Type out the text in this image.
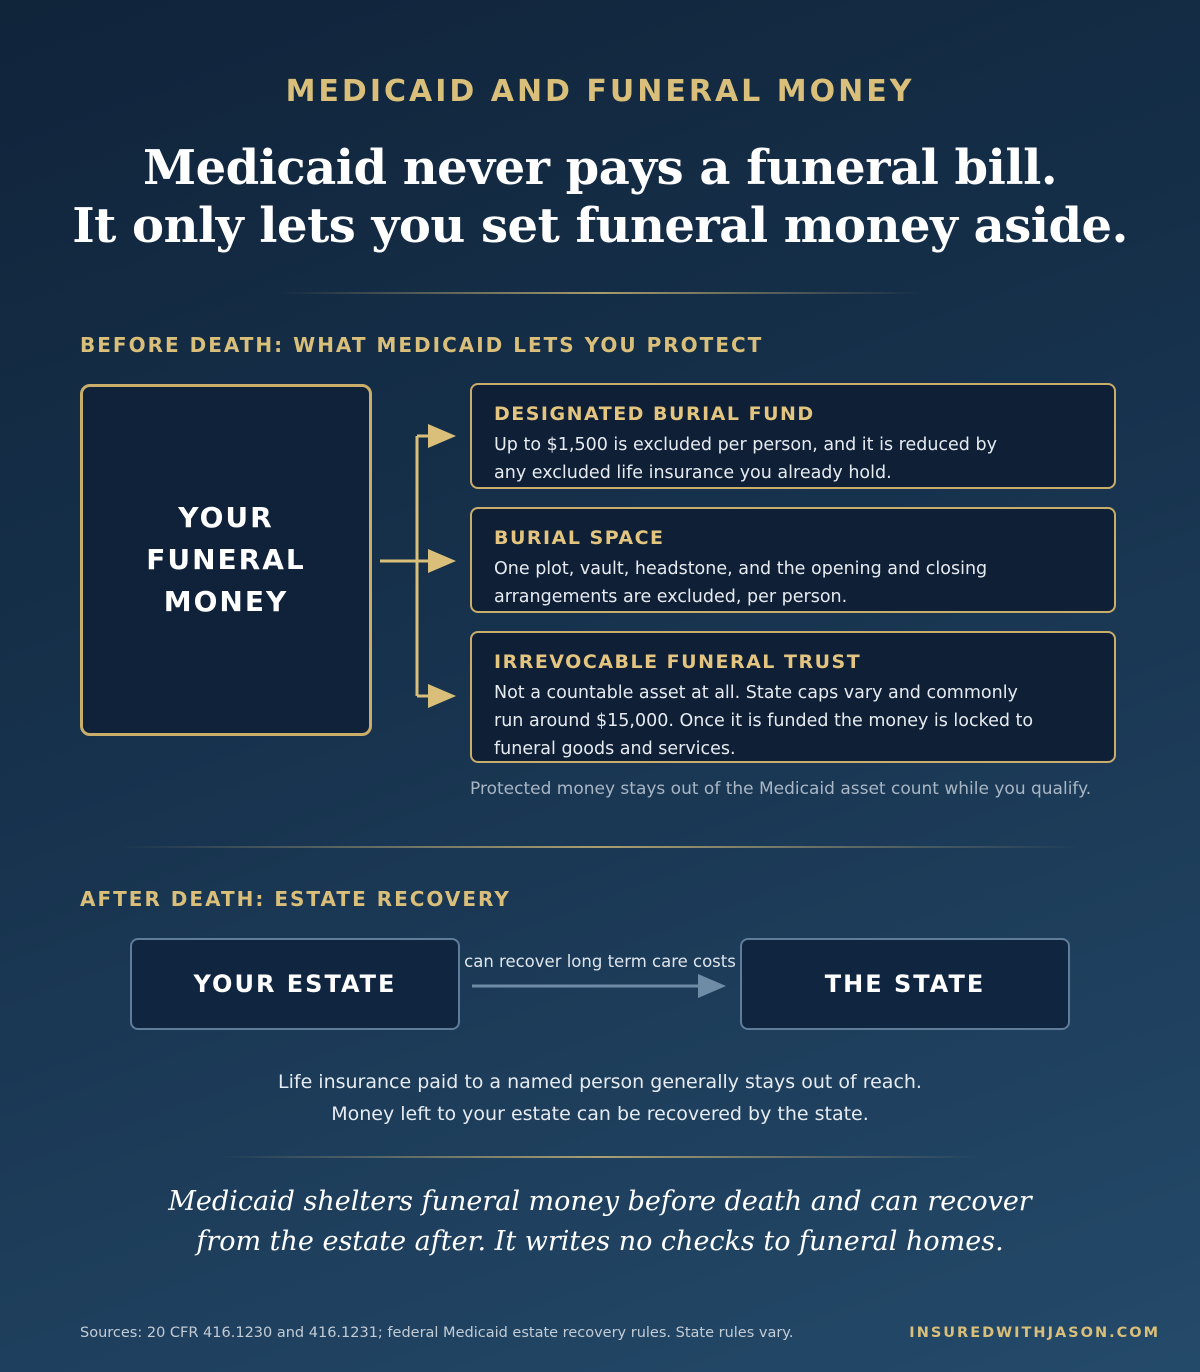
MEDICAID AND FUNERAL MONEY
Medicaid never pays a funeral bill.
It only lets you set funeral money aside.
BEFORE DEATH: WHAT MEDICAID LETS YOU PROTECT
YOUR FUNERAL MONEY
DESIGNATED BURIAL FUND
Up to $1,500 is excluded per person, and it is reduced by any excluded life insurance you already hold.
BURIAL SPACE
One plot, vault, headstone, and the opening and closing arrangements are excluded, per person.
IRREVOCABLE FUNERAL TRUST
Not a countable asset at all. State caps vary and commonly run around $15,000. Once it is funded the money is locked to funeral goods and services.
Protected money stays out of the Medicaid asset count while you qualify.
AFTER DEATH: ESTATE RECOVERY
YOUR ESTATE
can recover long term care costs
THE STATE
Life insurance paid to a named person generally stays out of reach.
Money left to your estate can be recovered by the state.
Medicaid shelters funeral money before death and can recover
from the estate after. It writes no checks to funeral homes.
Sources: 20 CFR 416.1230 and 416.1231; federal Medicaid estate recovery rules. State rules vary.	INSUREDWITHJASON.COM
